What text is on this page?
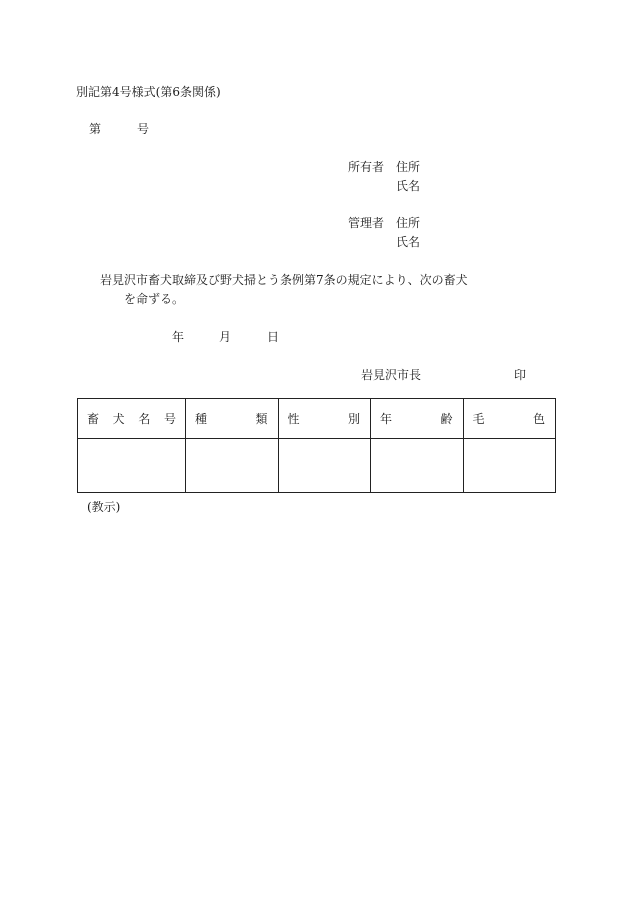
別記第4号様式(第6条関係)
第	号
所有者 住所
氏名
管理者 住所
氏名
岩見沢市畜犬取締及び野犬掃とう条例第7条の規定により、次の畜犬
を命ずる。
年	月	日
岩見沢市長	印
畜 犬 名 号	種 類	性 別	年 齢	毛 色

(教示)
